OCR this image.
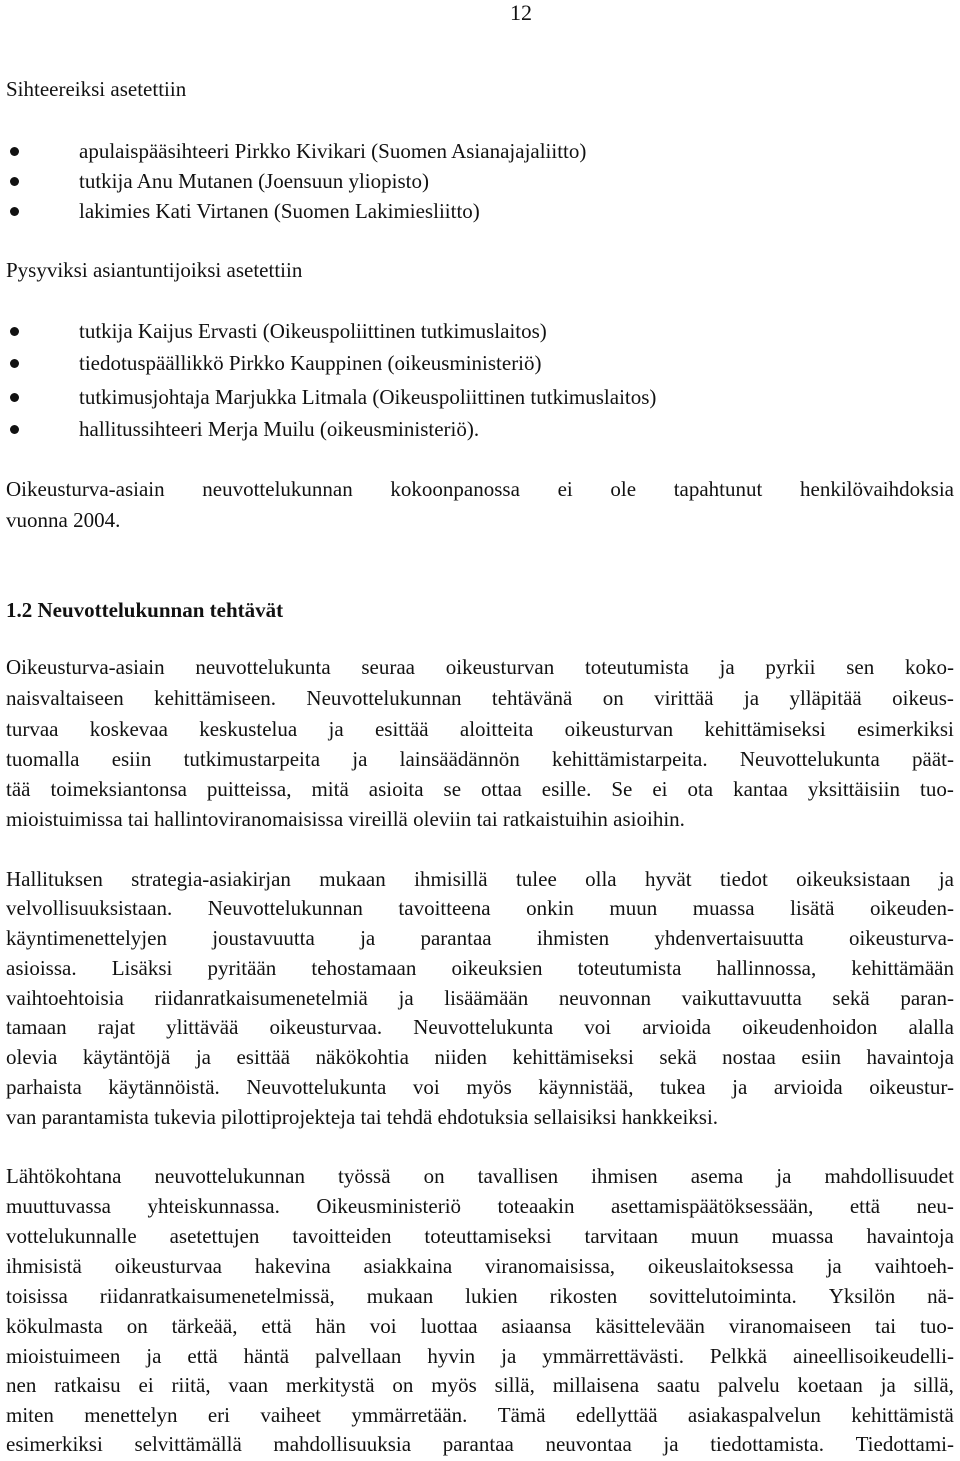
12
Sihteereiksi asetettiin
apulaispääsihteeri Pirkko Kivikari (Suomen Asianajajaliitto)
tutkija Anu Mutanen (Joensuun yliopisto)
lakimies Kati Virtanen (Suomen Lakimiesliitto)
Pysyviksi asiantuntijoiksi asetettiin
tutkija Kaijus Ervasti (Oikeuspoliittinen tutkimuslaitos)
tiedotuspäällikkö Pirkko Kauppinen (oikeusministeriö)
tutkimusjohtaja Marjukka Litmala (Oikeuspoliittinen tutkimuslaitos)
hallitussihteeri Merja Muilu (oikeusministeriö).
Oikeusturva-asiain neuvottelukunnan kokoonpanossa ei ole tapahtunut henkilövaihdoksia
vuonna 2004.
1.2 Neuvottelukunnan tehtävät
Oikeusturva-asiain neuvottelukunta seuraa oikeusturvan toteutumista ja pyrkii sen koko-
naisvaltaiseen kehittämiseen. Neuvottelukunnan tehtävänä on virittää ja ylläpitää oikeus-
turvaa koskevaa keskustelua ja esittää aloitteita oikeusturvan kehittämiseksi esimerkiksi
tuomalla esiin tutkimustarpeita ja lainsäädännön kehittämistarpeita. Neuvottelukunta päät-
tää toimeksiantonsa puitteissa, mitä asioita se ottaa esille. Se ei ota kantaa yksittäisiin tuo-
mioistuimissa tai hallintoviranomaisissa vireillä oleviin tai ratkaistuihin asioihin.
Hallituksen strategia-asiakirjan mukaan ihmisillä tulee olla hyvät tiedot oikeuksistaan ja
velvollisuuksistaan. Neuvottelukunnan tavoitteena onkin muun muassa lisätä oikeuden-
käyntimenettelyjen joustavuutta ja parantaa ihmisten yhdenvertaisuutta oikeusturva-
asioissa. Lisäksi pyritään tehostamaan oikeuksien toteutumista hallinnossa, kehittämään
vaihtoehtoisia riidanratkaisumenetelmiä ja lisäämään neuvonnan vaikuttavuutta sekä paran-
tamaan rajat ylittävää oikeusturvaa. Neuvottelukunta voi arvioida oikeudenhoidon alalla
olevia käytäntöjä ja esittää näkökohtia niiden kehittämiseksi sekä nostaa esiin havaintoja
parhaista käytännöistä. Neuvottelukunta voi myös käynnistää, tukea ja arvioida oikeustur-
van parantamista tukevia pilottiprojekteja tai tehdä ehdotuksia sellaisiksi hankkeiksi.
Lähtökohtana neuvottelukunnan työssä on tavallisen ihmisen asema ja mahdollisuudet
muuttuvassa yhteiskunnassa. Oikeusministeriö toteaakin asettamispäätöksessään, että neu-
vottelukunnalle asetettujen tavoitteiden toteuttamiseksi tarvitaan muun muassa havaintoja
ihmisistä oikeusturvaa hakevina asiakkaina viranomaisissa, oikeuslaitoksessa ja vaihtoeh-
toisissa riidanratkaisumenetelmissä, mukaan lukien rikosten sovittelutoiminta. Yksilön nä-
kökulmasta on tärkeää, että hän voi luottaa asiaansa käsittelevään viranomaiseen tai tuo-
mioistuimeen ja että häntä palvellaan hyvin ja ymmärrettävästi. Pelkkä aineellisoikeudelli-
nen ratkaisu ei riitä, vaan merkitystä on myös sillä, millaisena saatu palvelu koetaan ja sillä,
miten menettelyn eri vaiheet ymmärretään. Tämä edellyttää asiakaspalvelun kehittämistä
esimerkiksi selvittämällä mahdollisuuksia parantaa neuvontaa ja tiedottamista. Tiedottami-
